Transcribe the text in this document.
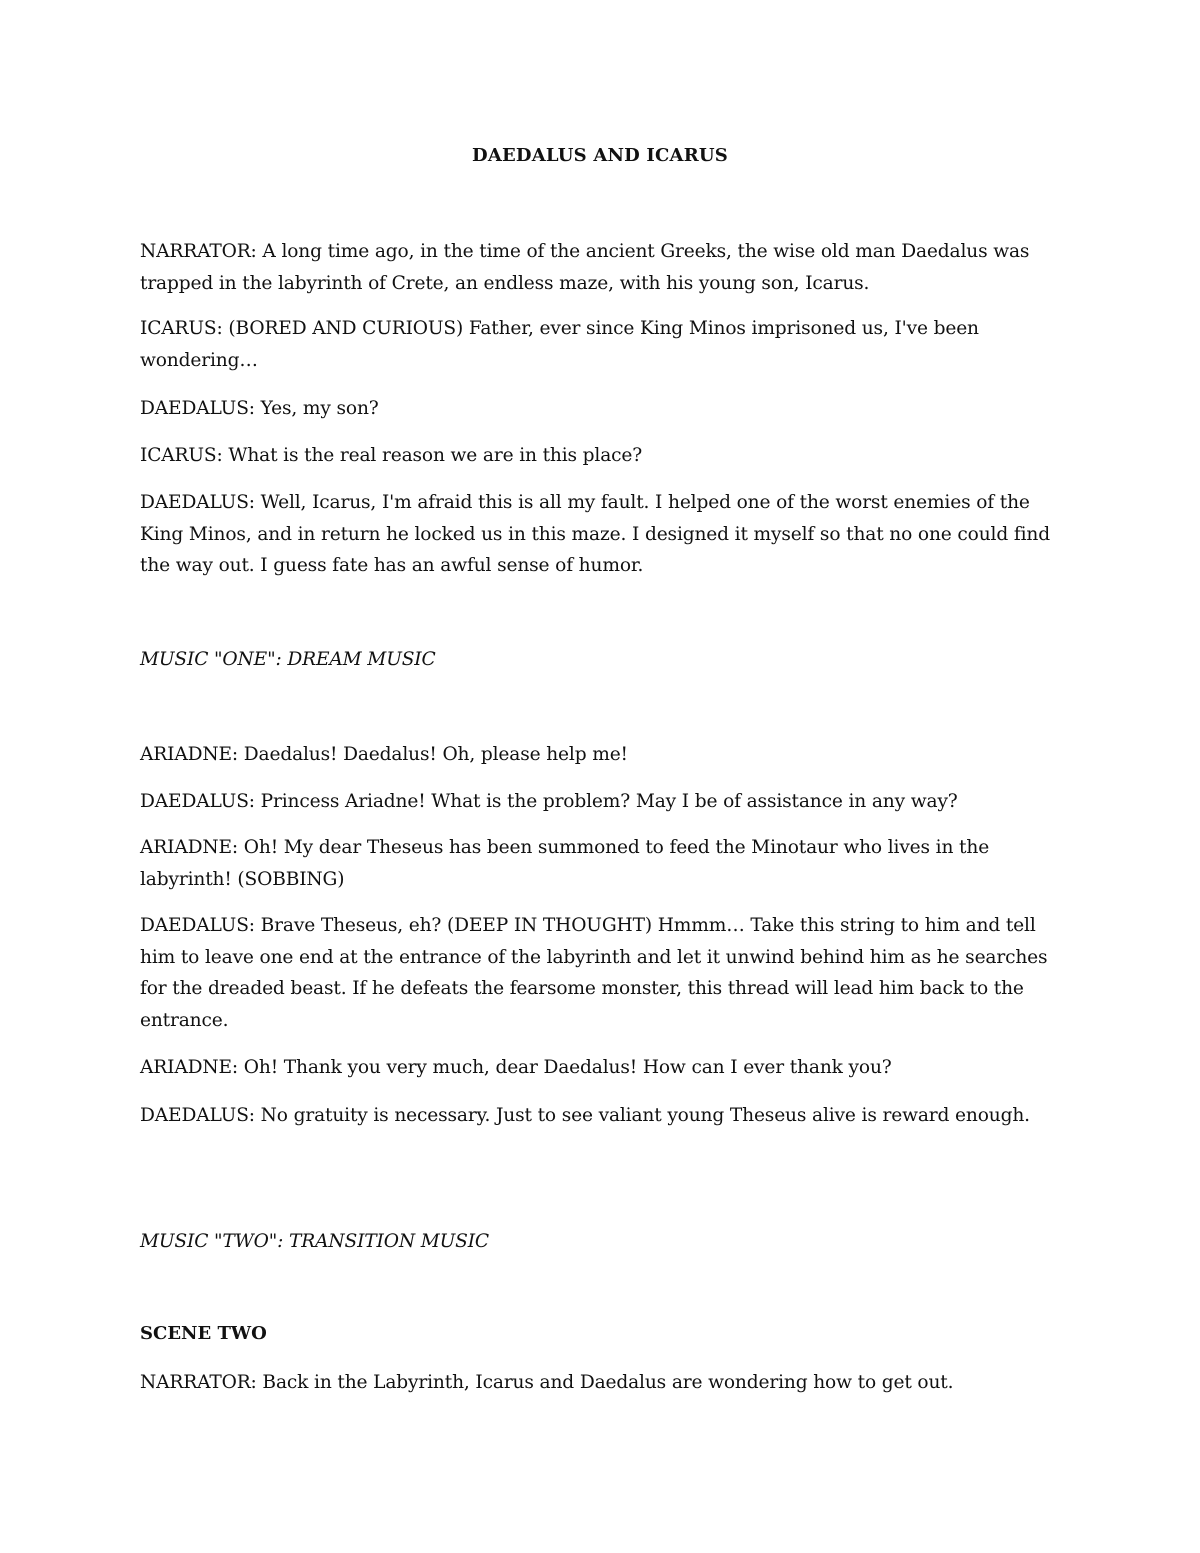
DAEDALUS AND ICARUS

NARRATOR: A long time ago, in the time of the ancient Greeks, the wise old man Daedalus was trapped in the labyrinth of Crete, an endless maze, with his young son, Icarus.

ICARUS: (BORED AND CURIOUS) Father, ever since King Minos imprisoned us, I've been wondering…

DAEDALUS: Yes, my son?

ICARUS: What is the real reason we are in this place?

DAEDALUS: Well, Icarus, I'm afraid this is all my fault. I helped one of the worst enemies of the King Minos, and in return he locked us in this maze. I designed it myself so that no one could find the way out. I guess fate has an awful sense of humor.

MUSIC "ONE": DREAM MUSIC

ARIADNE: Daedalus! Daedalus! Oh, please help me!

DAEDALUS: Princess Ariadne! What is the problem? May I be of assistance in any way?

ARIADNE: Oh! My dear Theseus has been summoned to feed the Minotaur who lives in the labyrinth! (SOBBING)

DAEDALUS: Brave Theseus, eh? (DEEP IN THOUGHT) Hmmm… Take this string to him and tell him to leave one end at the entrance of the labyrinth and let it unwind behind him as he searches for the dreaded beast. If he defeats the fearsome monster, this thread will lead him back to the entrance.

ARIADNE: Oh! Thank you very much, dear Daedalus! How can I ever thank you?

DAEDALUS: No gratuity is necessary. Just to see valiant young Theseus alive is reward enough.

MUSIC "TWO": TRANSITION MUSIC

SCENE TWO

NARRATOR: Back in the Labyrinth, Icarus and Daedalus are wondering how to get out.
